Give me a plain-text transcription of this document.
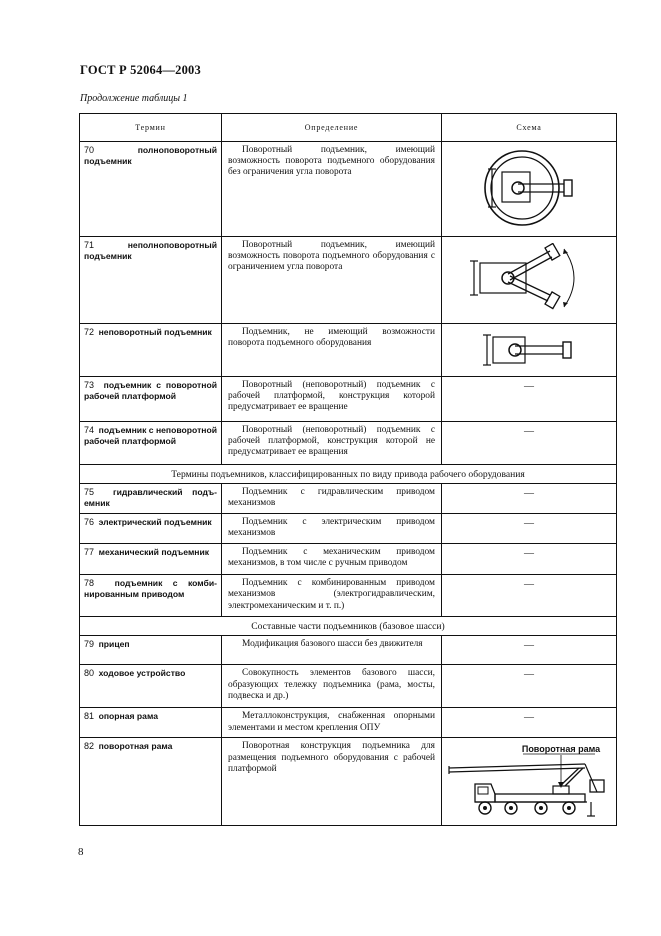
ГОСТ Р 52064—2003
Продолжение таблицы 1
Термин	Определение	Схема
70 полноповоротный подъемник	Поворотный подъемник, имеющий возможность поворота подъемного оборудования без ограничения угла поворота	

71 неполноповоротный подъемник	Поворотный подъемник, имеющий возможность поворота подъемного оборудования с ограничением угла поворота	

72 неповоротный подъемник	Подъемник, не имеющий возможности поворота подъемного оборудования	

73 подъемник с поворотной рабочей платформой	Поворотный (неповоротный) подъемник с рабочей платформой, конструкция которой предусматривает ее вращение	—
74 подъемник с неповоротной рабочей платформой	Поворотный (неповоротный) подъемник с рабочей платформой, конструкция которой не предусматривает ее вращения	—
Термины подъемников, классифицированных по виду привода рабочего оборудования		
75 гидравлический подъемник	Подъемник с гидравлическим приводом механизмов	—
76 электрический подъемник	Подъемник с электрическим приводом механизмов	—
77 механический подъемник	Подъемник с механическим приводом механизмов, в том числе с ручным приводом	—
78 подъемник с комбинированным приводом	Подъемник с комбинированным приводом механизмов (электрогидравлическим, электромеханическим и т. п.)	—
Составные части подъемников (базовое шасси)		
79 прицеп	Модификация базового шасси без движителя	—
80 ходовое устройство	Совокупность элементов базового шасси, образующих тележку подъемника (рама, мосты, подвеска и др.)	—
81 опорная рама	Металлоконструкция, снабженная опорными элементами и местом крепления ОПУ	—
82 поворотная рама	Поворотная конструкция подъемника для размещения подъемного оборудования с рабочей платформой	Поворотная рама
8
